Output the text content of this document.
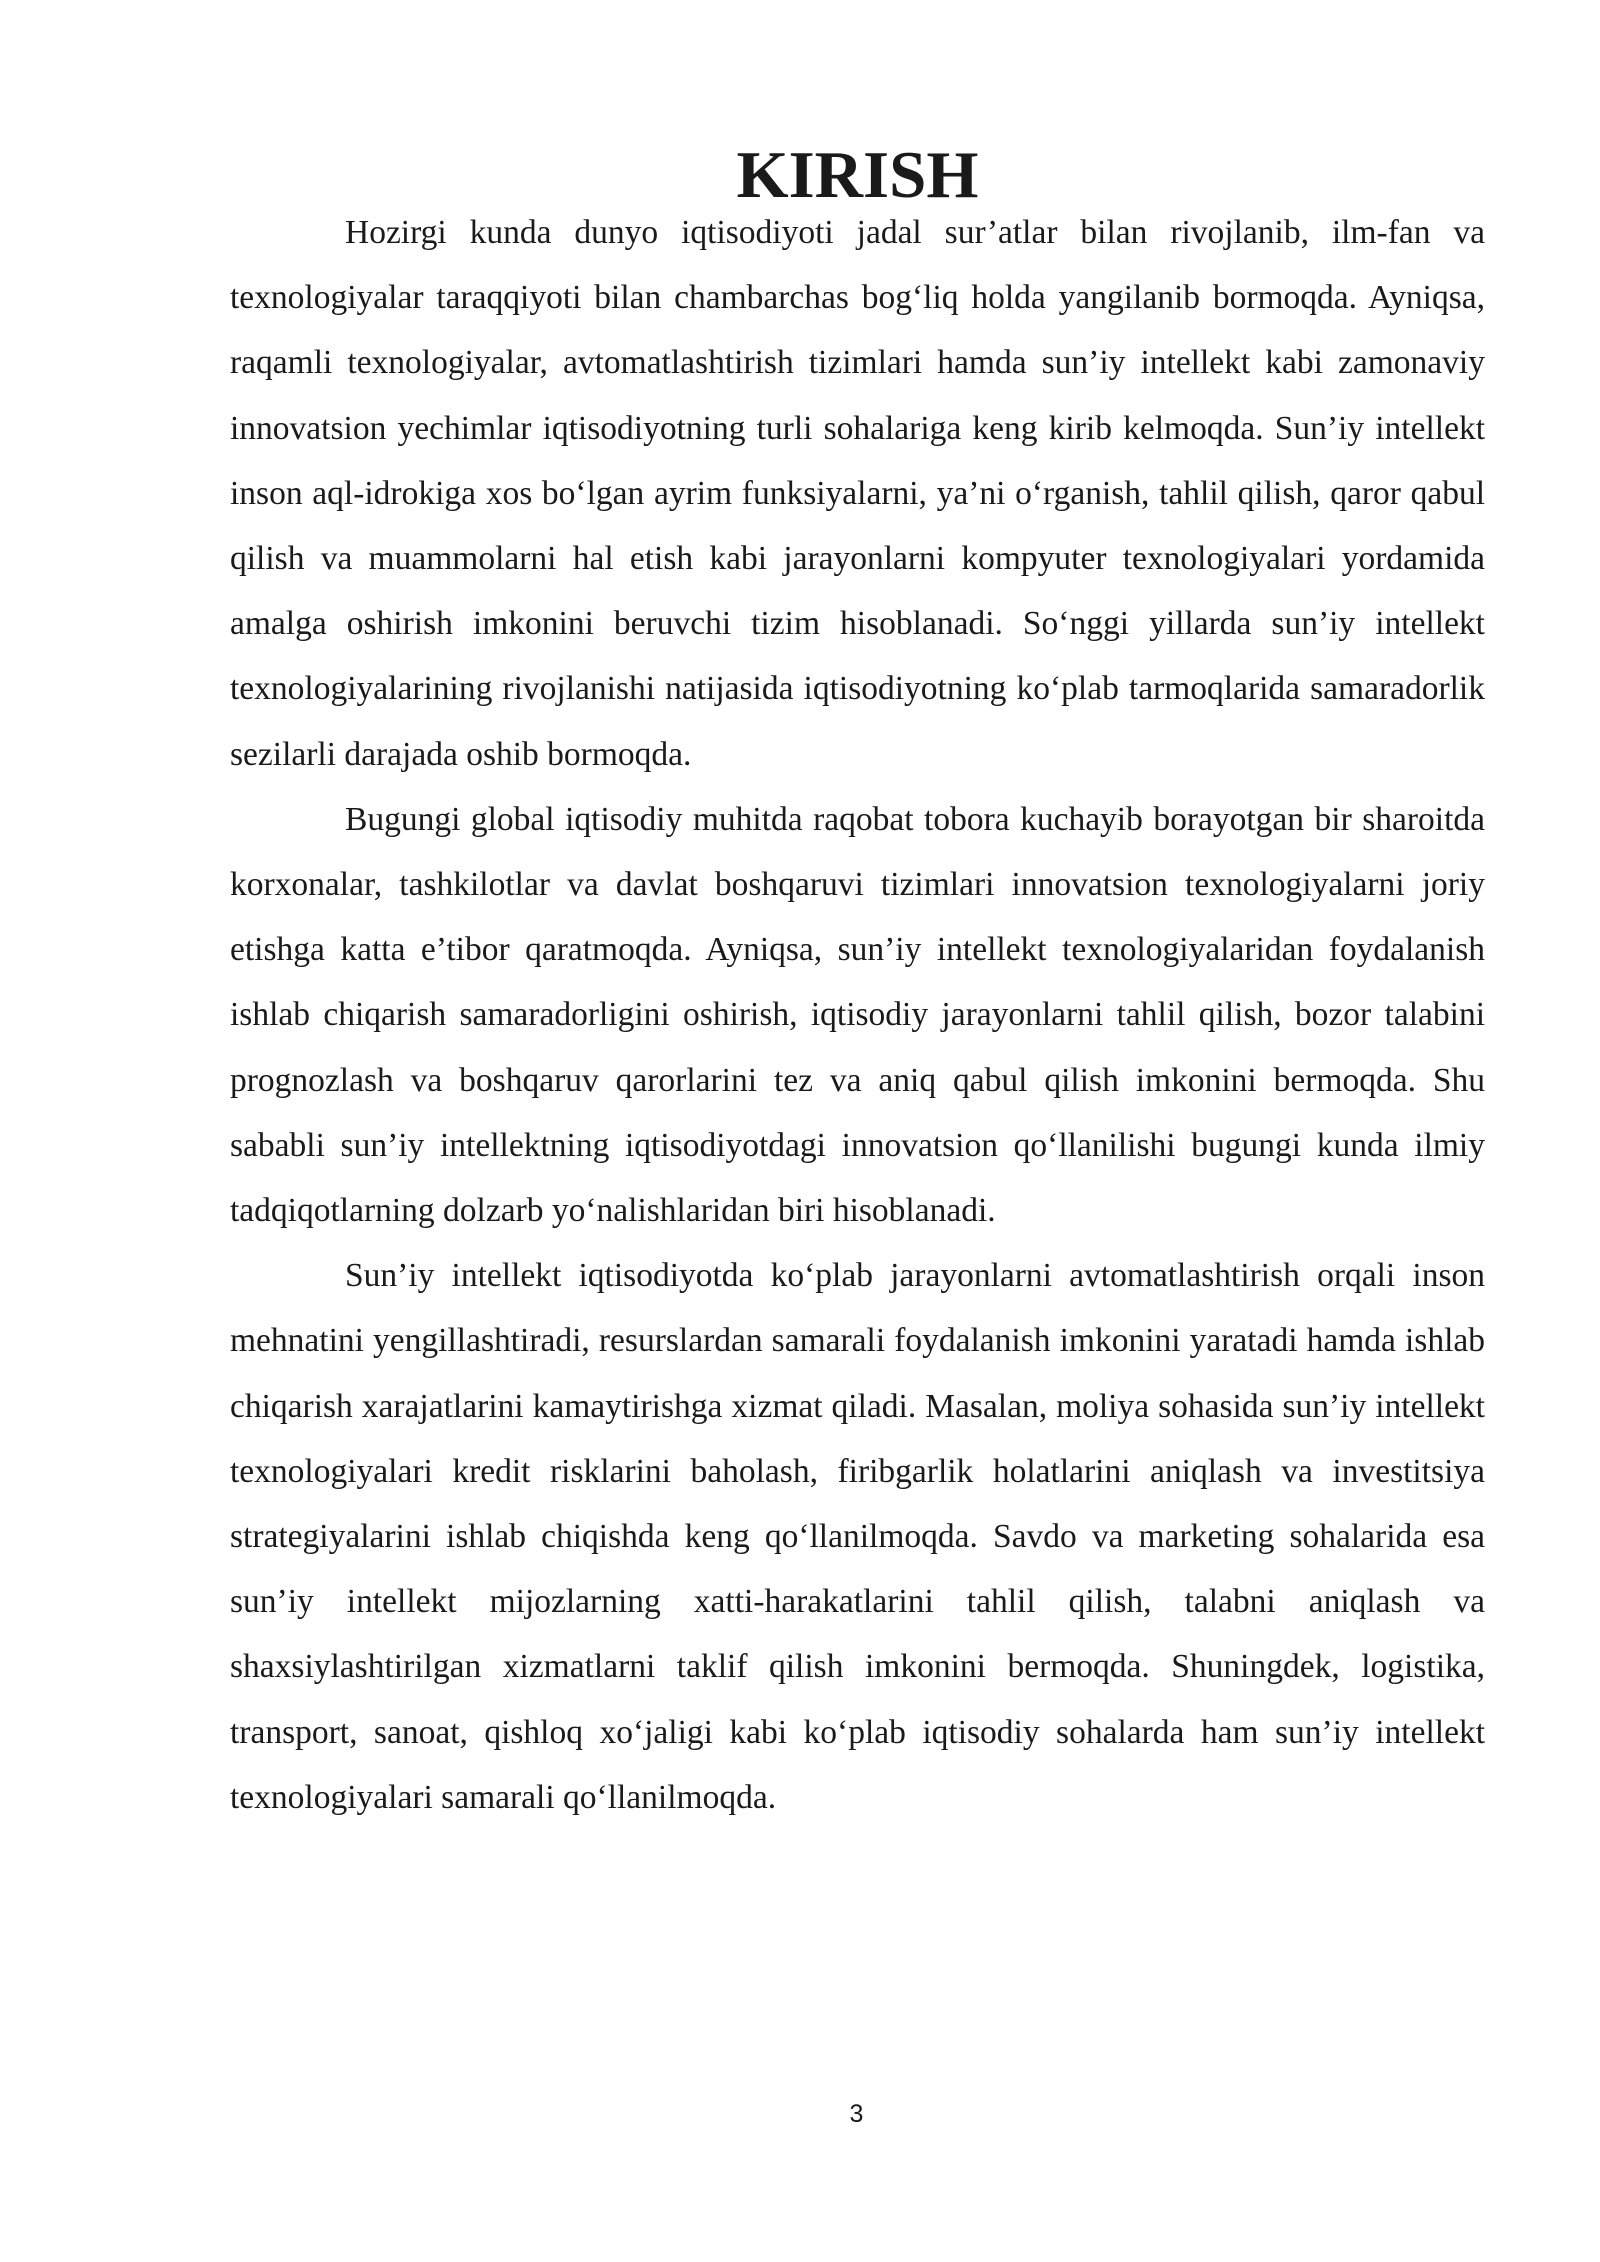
KIRISH

Hozirgi kunda dunyo iqtisodiyoti jadal sur’atlar bilan rivojlanib, ilm-fan va texnologiyalar taraqqiyoti bilan chambarchas bog‘liq holda yangilanib bormoqda. Ayniqsa, raqamli texnologiyalar, avtomatlashtirish tizimlari hamda sun’iy intellekt kabi zamonaviy innovatsion yechimlar iqtisodiyotning turli sohalariga keng kirib kelmoqda. Sun’iy intellekt inson aql-idrokiga xos bo‘lgan ayrim funksiyalarni, ya’ni o‘rganish, tahlil qilish, qaror qabul qilish va muammolarni hal etish kabi jarayonlarni kompyuter texnologiyalari yordamida amalga oshirish imkonini beruvchi tizim hisoblanadi. So‘nggi yillarda sun’iy intellekt texnologiyalarining rivojlanishi natijasida iqtisodiyotning ko‘plab tarmoqlarida samaradorlik sezilarli darajada oshib bormoqda.

Bugungi global iqtisodiy muhitda raqobat tobora kuchayib borayotgan bir sharoitda korxonalar, tashkilotlar va davlat boshqaruvi tizimlari innovatsion texnologiyalarni joriy etishga katta e’tibor qaratmoqda. Ayniqsa, sun’iy intellekt texnologiyalaridan foydalanish ishlab chiqarish samaradorligini oshirish, iqtisodiy jarayonlarni tahlil qilish, bozor talabini prognozlash va boshqaruv qarorlarini tez va aniq qabul qilish imkonini bermoqda. Shu sababli sun’iy intellektning iqtisodiyotdagi innovatsion qo‘llanilishi bugungi kunda ilmiy tadqiqotlarning dolzarb yo‘nalishlaridan biri hisoblanadi.

Sun’iy intellekt iqtisodiyotda ko‘plab jarayonlarni avtomatlashtirish orqali inson mehnatini yengillashtiradi, resurslardan samarali foydalanish imkonini yaratadi hamda ishlab chiqarish xarajatlarini kamaytirishga xizmat qiladi. Masalan, moliya sohasida sun’iy intellekt texnologiyalari kredit risklarini baholash, firibgarlik holatlarini aniqlash va investitsiya strategiyalarini ishlab chiqishda keng qo‘llanilmoqda. Savdo va marketing sohalarida esa sun’iy intellekt mijozlarning xatti-harakatlarini tahlil qilish, talabni aniqlash va shaxsiylashtirilgan xizmatlarni taklif qilish imkonini bermoqda. Shuningdek, logistika, transport, sanoat, qishloq xo‘jaligi kabi ko‘plab iqtisodiy sohalarda ham sun’iy intellekt texnologiyalari samarali qo‘llanilmoqda.

3
